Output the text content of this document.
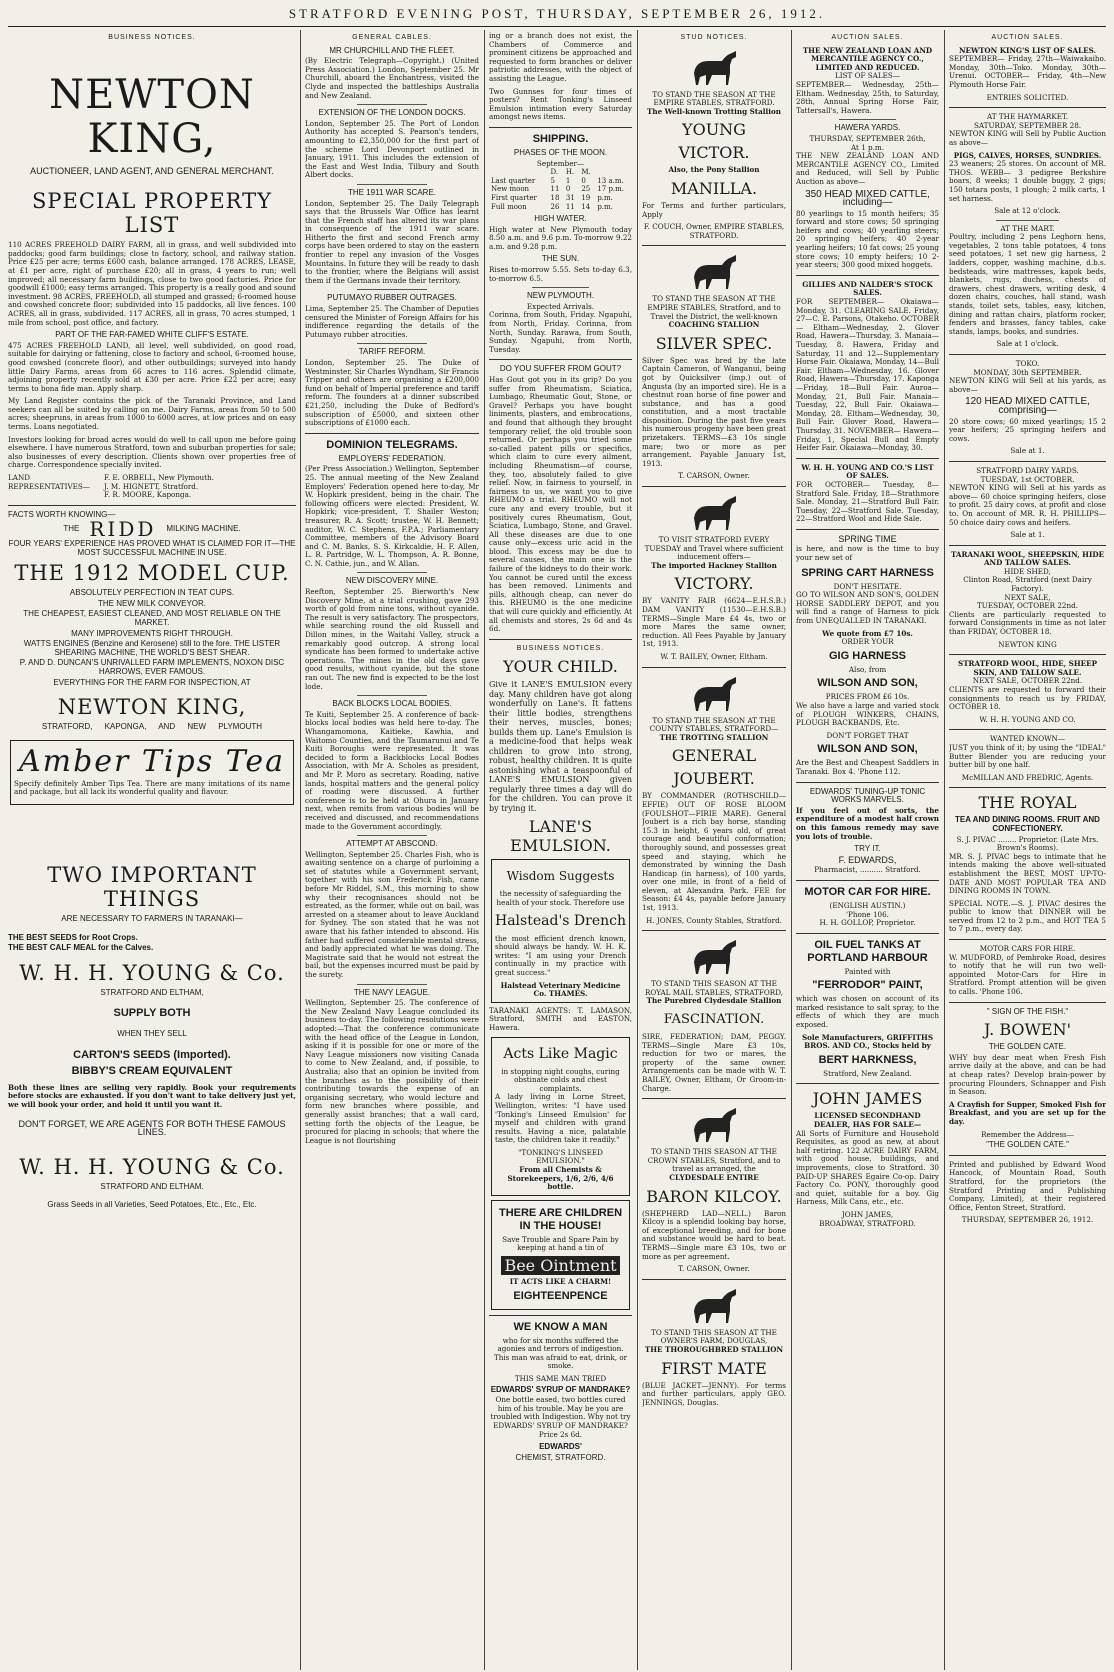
STRATFORD EVENING POST, THURSDAY, SEPTEMBER 26, 1912.
BUSINESS NOTICES.
NEWTON KING,
AUCTIONEER, LAND AGENT, AND GENERAL MERCHANT.
SPECIAL PROPERTY LIST

110 ACRES FREEHOLD DAIRY FARM, all in grass, and well subdivided into paddocks; good farm buildings; close to factory, school, and railway station. Price £25 per acre; terms £600 cash, balance arranged. 178 ACRES, LEASE, at £1 per acre, right of purchase £20; all in grass, 4 years to run; well improved; all necessary farm buildings, close to two good factories. Price for goodwill £1000; easy terms arranged. This property is a really good and sound investment. 98 ACRES, FREEHOLD, all stumped and grassed; 6-roomed house and cowshed concrete floor; subdivided into 15 paddocks, all live fences. 100 ACRES, all in grass, subdivided. 117 ACRES, all in grass, 70 acres stumped, 1 mile from school, post office, and factory.

PART OF THE FAR-FAMED WHITE CLIFF'S ESTATE.

475 ACRES FREEHOLD LAND, all level, well subdivided, on good road, suitable for dairying or fattening, close to factory and school, 6-roomed house, good cowshed (concrete floor), and other outbuildings; surveyed into handy little Dairy Farms, areas from 66 acres to 116 acres. Splendid climate, adjoining property recently sold at £30 per acre. Price £22 per acre; easy terms to bona fide man. Apply sharp.

My Land Register contains the pick of the Taranaki Province, and Land seekers can all be suited by calling on me. Dairy Farms, areas from 50 to 500 acres; sheepruns, in areas from 1000 to 6000 acres, at low prices and on easy terms. Loans negotiated.

Investors looking for broad acres would do well to call upon me before going elsewhere. I have numerous Stratford, town and suburban properties for sale; also businesses of every description. Clients shown over properties free of charge. Correspondence specially invited.

LAND REPRESENTATIVES—
F. E. ORBELL, New Plymouth.
J. M. HIGNETT, Stratford.
F. R. MOORE, Kaponga.
FACTS WORTH KNOWING—
THE RIDD MILKING MACHINE.
FOUR YEARS' EXPERIENCE HAS PROVED WHAT IS CLAIMED FOR IT—THE MOST SUCCESSFUL MACHINE IN USE.
THE 1912 MODEL CUP.
ABSOLUTELY PERFECTION IN TEAT CUPS.
THE NEW MILK CONVEYOR.
THE CHEAPEST, EASIEST CLEANED, AND MOST RELIABLE ON THE MARKET.
MANY IMPROVEMENTS RIGHT THROUGH.
WATTS ENGINES (Benzine and Kerosene) still to the fore. THE LISTER SHEARING MACHINE, THE WORLD'S BEST SHEAR.
P. AND D. DUNCAN'S UNRIVALLED FARM IMPLEMENTS, NOXON DISC HARROWS, EVER FAMOUS.
EVERYTHING FOR THE FARM FOR INSPECTION, AT
NEWTON KING,
STRATFORD, KAPONGA, AND NEW PLYMOUTH
Amber Tips Tea
Specify definitely Amber Tips Tea. There are many imitations of its name and package, but all lack its wonderful quality and flavour.
TWO IMPORTANT THINGS
ARE NECESSARY TO FARMERS IN TARANAKI—
THE BEST SEEDS for Root Crops.
THE BEST CALF MEAL for the Calves.
W. H. H. YOUNG & Co.
STRATFORD AND ELTHAM,
SUPPLY BOTH
WHEN THEY SELL
CARTON'S SEEDS (Imported).
BIBBY'S CREAM EQUIVALENT

Both these lines are selling very rapidly. Book your requirements before stocks are exhausted. If you don't want to take delivery just yet, we will book your order, and hold it until you want it.

DON'T FORGET, WE ARE AGENTS FOR BOTH THESE FAMOUS LINES.
W. H. H. YOUNG & Co.
STRATFORD AND ELTHAM.
Grass Seeds in all Varieties, Seed Potatoes, Etc., Etc., Etc.
GENERAL CABLES.
MR CHURCHILL AND THE FLEET.

(By Electric Telegraph—Copyright.) (United Press Association.) London, September 25. Mr Churchill, aboard the Enchantress, visited the Clyde and inspected the battleships Australia and New Zealand.

EXTENSION OF THE LONDON DOCKS.

London, September 25. The Port of London Authority has accepted S. Pearson's tenders, amounting to £2,350,000 for the first part of the scheme Lord Devonport outlined in January, 1911. This includes the extension of the East and West India, Tilbury and South Albert docks.

THE 1911 WAR SCARE.

London, September 25. The Daily Telegraph says that the Brussels War Office has learnt that the French staff has altered its war plans in consequence of the 1911 war scare. Hitherto the first and second French army corps have been ordered to stay on the eastern frontier to repel any invasion of the Vosges Mountains. In future they will be ready to dash to the frontier, where the Belgians will assist them if the Germans invade their territory.

PUTUMAYO RUBBER OUTRAGES.

Lima, September 25. The Chamber of Deputies censured the Minister of Foreign Affairs for his indifference regarding the details of the Putumayo rubber atrocities.

TARIFF REFORM.

London, September 25. The Duke of Westminster, Sir Charles Wyndham, Sir Francis Tripper and others are organising a £200,000 fund on behalf of Imperial preference and tariff reform. The founders at a dinner subscribed £21,250, including the Duke of Bedford's subscription of £5000, and sixteen other subscriptions of £1000 each.

DOMINION TELEGRAMS.
EMPLOYERS' FEDERATION.

(Per Press Association.) Wellington, September 25. The annual meeting of the New Zealand Employers' Federation opened here to-day, Mr W. Hopkirk president, being in the chair. The following officers were elected: President, W. Hopkirk; vice-president, T. Shailer Weston; treasurer, R. A. Scott; trustee, W. H. Bennett; auditor, W. C. Stephens, F.P.A.; Parliamentary Committee, members of the Advisory Board and C. M. Banks, S. S. Kirkcaldie, H. F. Allen, L. R. Partridge, W. L. Thompson, A. R. Bonne, C. N. Cathie, jun., and W. Allan.

NEW DISCOVERY MINE.

Reefton, September 25. Bierworth's New Discovery Mine, at a trial crushing, gave 293 worth of gold from nine tons, without cyanide. The result is very satisfactory. The prospectors, while searching round the old Russell and Dillon mines, in the Waitahi Valley, struck a remarkably good outcrop. A strong local syndicate has been formed to undertake active operations. The mines in the old days gave good results, without cyanide, but the stone ran out. The new find is expected to be the lost lode.

BACK BLOCKS LOCAL BODIES.

Te Kuiti, September 25. A conference of back-blocks local bodies was held here to-day. The Whangamomona, Kaitieke, Kawhia, and Waitomo Counties, and the Taumarunui and Te Kuiti Boroughs were represented. It was decided to form a Backblocks Local Bodies Association, with Mr A. Scholes as president, and Mr P. Moro as secretary. Roading, native lands, hospital matters and the general policy of roading were discussed. A further conference is to be held at Ohura in January next, when remits from various bodies will be received and discussed, and recommendations made to the Government accordingly.

ATTEMPT AT ABSCOND.

Wellington, September 25. Charles Fish, who is awaiting sentence on a charge of purloining a set of statutes while a Government servant, together with his son Frederick Fish, came before Mr Riddel, S.M., this morning to show why their recognisances should not be estreated, as the former, while out on bail, was arrested on a steamer about to leave Auckland for Sydney. The son stated that he was not aware that his father intended to abscond. His father had suffered considerable mental stress, and badly appreciated what he was doing. The Magistrate said that he would not estreat the bail, but the expenses incurred must be paid by the surety.

THE NAVY LEAGUE.

Wellington, September 25. The conference of the New Zealand Navy League concluded its business to-day. The following resolutions were adopted:—That the conference communicate with the head office of the League in London, asking if it is possible for one or more of the Navy League missioners now visiting Canada to come to New Zealand, and, if possible, to Australia; also that an opinion be invited from the branches as to the possibility of their contributing towards the expense of an organising secretary, who would lecture and form new branches where possible, and generally assist branches; that a wall card, setting forth the objects of the League, be procured for placing in schools; that where the League is not flourishing

ing or a branch does not exist, the Chambers of Commerce and prominent citizens be approached and requested to form branches or deliver patriotic addresses, with the object of assisting the League.

Two Gunnses for four times of posters? Rent Tonking's Linseed Emulsion intimation every Saturday amongst news items.

SHIPPING.
PHASES OF THE MOON.
September—
	D.	H.	M.	
Last quarter	5	1	0	13 a.m.
New moon	11	0	25	17 p.m.
First quarter	18	31	19	p.m.
Full moon	26	11	14	p.m.
HIGH WATER.

High water at New Plymouth today 8.50 a.m. and 9.6 p.m. To-morrow 9.22 a.m. and 9.28 p.m.

THE SUN.

Rises to-morrow 5.55. Sets to-day 6.3, to-morrow 6.5.

NEW PLYMOUTH.
Expected Arrivals.

Corinna, from South, Friday. Ngapuhi, from North, Friday. Corinna, from North, Sunday. Rarawa, from South, Sunday. Ngapuhi, from North, Tuesday.

DO YOU SUFFER FROM GOUT?

Has Gout got you in its grip? Do you suffer from Rheumatism, Sciatica, Lumbago, Rheumatic Gout, Stone, or Gravel? Perhaps you have bought liniments, plasters, and embrocations, and found that although they brought temporary relief, the old trouble soon returned. Or perhaps you tried some so-called patent pills or specifics, which claim to cure every ailment, including Rheumatism—of course, they, too, absolutely failed to give relief. Now, in fairness to yourself, in fairness to us, we want you to give RHEUMO a trial. RHEUMO will not cure any and every trouble, but it positively cures Rheumatism, Gout, Sciatica, Lumbago, Stone, and Gravel. All these diseases are due to one cause only—excess uric acid in the blood. This excess may be due to several causes, the main one is the failure of the kidneys to do their work. You cannot be cured until the excess has been removed. Liniments and pills, although cheap, can never do this. RHEUMO is the one medicine that will cure quickly and efficiently. At all chemists and stores, 2s 6d and 4s 6d.

BUSINESS NOTICES.
YOUR CHILD.

Give it LANE'S EMULSION every day. Many children have got along wonderfully on Lane's. It fattens their little bodies, strengthens their nerves, muscles, bones; builds them up. Lane's Emulsion is a medicine-food that helps weak children to grow into strong, robust, healthy children. It is quite astonishing what a teaspoonful of LANE'S EMULSION given regularly three times a day will do for the children. You can prove it by trying it.

LANE'S EMULSION.
Wisdom Suggests
the necessity of safeguarding the health of your stock. Therefore use
Halstead's Drench

the most efficient drench known, should always be handy. W. H. K. writes: "I am using your Drench continually in my practice with great success."

Halstead Veterinary Medicine Co. THAMES.

TARANAKI AGENTS: T. LAMASON, Stratford, SMITH and EASTON, Hawera.

Acts Like Magic
in stopping night coughs, curing obstinate colds and chest complaints.

A lady living in Lorne Street, Wellington, writes: "I have used 'Tonking's Linseed Emulsion' for myself and children with grand results. Having a nice, palatable taste, the children take it readily."

"TONKING'S LINSEED EMULSION."
From all Chemists & Storekeepers, 1/6, 2/6, 4/6 bottle.
THERE ARE CHILDREN IN THE HOUSE!
Save Trouble and Spare Pain by keeping at hand a tin of
Bee Ointment
IT ACTS LIKE A CHARM!
EIGHTEENPENCE
WE KNOW A MAN

who for six months suffered the agonies and terrors of indigestion. This man was afraid to eat, drink, or smoke.

THIS SAME MAN TRIED
EDWARDS' SYRUP OF MANDRAKE?

One bottle eased, two bottles cured him of his trouble. May be you are troubled with Indigestion. Why not try EDWARDS' SYRUP OF MANDRAKE? Price 2s 6d.

EDWARDS'
CHEMIST, STRATFORD.
STUD NOTICES.
TO STAND THE SEASON AT THE EMPIRE STABLES, STRATFORD.
The Well-known Trotting Stallion
YOUNG
VICTOR.
Also, the Pony Stallion
MANILLA.

For Terms and further particulars, Apply

F. COUCH, Owner, EMPIRE STABLES, STRATFORD.
TO STAND THE SEASON AT THE EMPIRE STABLES, Stratford, and to Travel the District, the well-known
COACHING STALLION
SILVER SPEC.

Silver Spec was bred by the late Captain Cameron, of Wanganui, being got by Quicksilver (imp.) out of Angusta (by an imported sire). He is a chestnut roan horse of fine power and substance, and has a good constitution, and a most tractable disposition. During the past five years his numerous progeny have been great prizetakers. TERMS—£3 10s single mare; two or more as per arrangement. Payable January 1st, 1913.

T. CARSON, Owner.
TO VISIT STRATFORD EVERY TUESDAY and Travel where sufficient inducement offers—
The imported Hackney Stallion
VICTORY.

BY VANITY FAIR (6624—E.H.S.B.) DAM VANITY (11530—E.H.S.B.) TERMS—Single Mare £4 4s, two or more Mares the same owner, reduction. All Fees Payable by January 1st, 1913.

W. T. BAILEY, Owner, Eltham.
TO STAND THE SEASON AT THE COUNTY STABLES, STRATFORD—
THE TROTTING STALLION
GENERAL
JOUBERT.

BY COMMANDER (ROTHSCHILD—EFFIE) OUT OF ROSE BLOOM (FOULSHOT—FIRIE MARE). General Joubert is a rich bay horse, standing 15.3 in height, 6 years old, of great courage and beautiful conformation; thoroughly sound, and possesses great speed and staying, which he demonstrated by winning the Dash Handicap (in harness), of 100 yards, over one mile, in front of a field of eleven, at Alexandra Park. FEE for Season: £4 4s, payable before January 1st, 1913.

H. JONES, County Stables, Stratford.
TO STAND THIS SEASON AT THE ROYAL MAIL STABLES, STRATFORD,
The Purebred Clydesdale Stallion
FASCINATION.

SIRE, FEDERATION; DAM, PEGGY. TERMS—Single Mare £3 10s, reduction for two or mares, the property of the same owner. Arrangements can be made with W. T. BAILEY, Owner, Eltham, Or Groom-in-Charge.

TO STAND THIS SEASON AT THE CROWN STABLES, Stratford, and to travel as arranged, the
CLYDESDALE ENTIRE
BARON KILCOY.

(SHEPHERD LAD—NELL.) Baron Kilcoy is a splendid looking bay horse, of exceptional breeding, and for bone and substance would be hard to beat. TERMS—Single mare £3 10s, two or more as per agreement.

T. CARSON, Owner.
TO STAND THIS SEASON AT THE OWNER'S FARM, DOUGLAS,
THE THOROUGHBRED STALLION
FIRST MATE

(BLUE JACKET—JENNY). For terms and further particulars, apply GEO. JENNINGS, Douglas.

AUCTION SALES.
THE NEW ZEALAND LOAN AND MERCANTILE AGENCY CO., LIMITED AND REDUCED.
LIST OF SALES—

SEPTEMBER— Wednesday, 25th—Eltham. Wednesday, 25th, to Saturday, 28th, Annual Spring Horse Fair, Tattersall's, Hawera.

HAWERA YARDS.
THURSDAY, SEPTEMBER 26th,
At 1 p.m.

THE NEW ZEALAND LOAN AND MERCANTILE AGENCY CO., Limited and Reduced, will Sell by Public Auction as above—

350 HEAD MIXED CATTLE, including—

80 yearlings to 15 month heifers; 35 forward and store cows; 50 springing heifers and cows; 40 yearling steers; 20 springing heifers; 40 2-year yearling heifers; 10 fat cows; 25 young store cows; 10 empty heifers; 10 2-year steers; 300 good mixed hoggets.

GILLIES AND NALDER'S STOCK SALES.

FOR SEPTEMBER— Okaiawa—Monday, 31. CLEARING SALE. Friday, 27—C. E. Parsons, Otakeho. OCTOBER— Eltham—Wednesday, 2. Glover Road, Hawera—Thursday, 3. Manaia—Tuesday, 8. Hawera, Friday and Saturday, 11 and 12—Supplementary Horse Fair. Okaiawa, Monday, 14—Bull Fair. Eltham—Wednesday, 16. Glover Road, Hawera—Thursday, 17. Kaponga—Friday, 18—Bull Fair. Auroa—Monday, 21, Bull Fair. Manaia—Tuesday, 22, Bull Fair. Okaiawa—Monday, 28. Eltham—Wednesday, 30, Bull Fair. Glover Road, Hawera—Thursday, 31. NOVEMBER— Hawera—Friday, 1, Special Bull and Empty Heifer Fair. Okaiawa—Monday, 30.

W. H. H. YOUNG AND CO.'S LIST OF SALES.

FOR OCTOBER— Tuesday, 8—Stratford Sale. Friday, 18—Strathmore Sale. Monday, 21—Stratford Bull Fair. Tuesday, 22—Stratford Sale. Tuesday, 22—Stratford Wool and Hide Sale.

SPRING TIME

is here, and now is the time to buy your new set of

SPRING CART HARNESS
DON'T HESITATE.

GO TO WILSON AND SON'S, GOLDEN HORSE SADDLERY DEPOT, and you will find a range of Harness to pick from UNEQUALLED IN TARANAKI.

We quote from £7 10s.
ORDER YOUR
GIG HARNESS
Also, from
WILSON AND SON,
PRICES FROM £6 10s.

We also have a large and varied stock of PLOUGH WINKERS, CHAINS, PLOUGH BACKBANDS, Etc.

DON'T FORGET THAT
WILSON AND SON,

Are the Best and Cheapest Saddlers in Taranaki. Box 4. 'Phone 112.

EDWARDS' TUNING-UP TONIC WORKS MARVELS.

If you feel out of sorts, the expenditure of a modest half crown on this famous remedy may save you lots of trouble.

TRY IT.
F. EDWARDS,
Pharmacist, .......... Stratford.
MOTOR CAR FOR HIRE.
(ENGLISH AUSTIN.)
'Phone 106.
H. H. GOLLOP, Proprietor.
OIL FUEL TANKS AT PORTLAND HARBOUR
Painted with
"FERRODOR" PAINT,

which was chosen on account of its marked resistance to salt spray, to the effects of which they are much exposed.

Sole Manufacturers, GRIFFITHS BROS. AND CO., Stocks held by
BERT HARKNESS,
Stratford, New Zealand.
JOHN JAMES
LICENSED SECONDHAND DEALER, HAS FOR SALE—

All Sorts of Furniture and Household Requisites, as good as new, at about half retiring. 122 ACRE DAIRY FARM, with good house, buildings, and improvements, close to Stratford. 30 PAID-UP SHARES Egaire Co-op. Dairy Factory Co. PONY, thoroughly good and quiet, suitable for a boy. Gig Harness, Milk Cans, etc., etc.

JOHN JAMES,
BROADWAY, STRATFORD.
AUCTION SALES.
NEWTON KING'S LIST OF SALES.

SEPTEMBER— Friday, 27th—Waiwakaiho. Monday, 30th—Toko. Monday, 30th—Urenui. OCTOBER— Friday, 4th—New Plymouth Horse Fair.

ENTRIES SOLICITED.
AT THE HAYMARKET.
SATURDAY, SEPTEMBER 28.

NEWTON KING will Sell by Public Auction as above—

PIGS, CALVES, HORSES, SUNDRIES.

23 weaners; 25 stores. On account of MR. THOS. WEBB— 3 pedigree Berkshire boars, 8 weeks; 1 double buggy, 2 gigs; 150 totara posts, 1 plough; 2 milk carts, 1 set harness.

Sale at 12 o'clock.
AT THE MART.

Poultry, including 2 pens Leghorn hens, vegetables, 2 tons table potatoes, 4 tons seed potatoes, 1 set new gig harness, 2 ladders, copper, washing machine, d.b.s. bedsteads, wire mattresses, kapok beds, blankets, rugs, duchess, chests of drawers, chest drawers, writing desk, 4 dozen chairs, couches, hall stand, wash stands, toilet sets, tables, easy, kitchen, dining and rattan chairs, platform rocker, fenders and brasses, fancy tables, cake stands, lamps, books, and sundries.

Sale at 1 o'clock.
TOKO.
MONDAY, 30th SEPTEMBER.

NEWTON KING will Sell at his yards, as above—

120 HEAD MIXED CATTLE, comprising—

20 store cows; 60 mixed yearlings; 15 2 year heifers; 25 springing heifers and cows.

Sale at 1.
STRATFORD DAIRY YARDS.
TUESDAY, 1st OCTOBER.

NEWTON KING will Sell at his yards as above— 60 choice springing heifers, close to profit. 25 dairy cows, at profit and close to. On account of MR. R. H. PHILLIPS— 50 choice dairy cows and heifers.

Sale at 1.
TARANAKI WOOL, SHEEPSKIN, HIDE AND TALLOW SALES.
HIDE SHED,
Clinton Road, Stratford (next Dairy Factory).
NEXT SALE,
TUESDAY, OCTOBER 22nd.

Clients are particularly requested to forward Consignments in time as not later than FRIDAY, OCTOBER 18.

NEWTON KING
STRATFORD WOOL, HIDE, SHEEP SKIN, AND TALLOW SALE.
NEXT SALE, OCTOBER 22nd.

CLIENTS are requested to forward their consignments to reach us by FRIDAY, OCTOBER 18.

W. H. H. YOUNG AND CO.
WANTED KNOWN—

JUST you think of it; by using the "IDEAL" Butter Blender you are reducing your butter bill by one half.

McMILLAN AND FREDRIC, Agents.
THE ROYAL
TEA AND DINING ROOMS. FRUIT AND CONFECTIONERY.
S. J. PIVAC ........ Proprietor. (Late Mrs. Brown's Rooms).

MR. S. J. PIVAC begs to intimate that he intends making the above well-situated establishment the BEST, MOST UP-TO-DATE AND MOST POPULAR TEA AND DINING ROOMS IN TOWN.

SPECIAL NOTE.—S. J. PIVAC desires the public to know that DINNER will be served from 12 to 2 p.m., and HOT TEA 5 to 7 p.m., every day.

MOTOR CARS FOR HIRE.

W. MUDFORD, of Pembroke Road, desires to notify that he will run two well-appointed Motor-Cars for Hire in Stratford. Prompt attention will be given to calls. 'Phone 106.

" SIGN OF THE FISH."
J. BOWEN'
THE GOLDEN CATE.

WHY buy dear meat when Fresh Fish arrive daily at the above, and can be had at cheap rates? Develop brain-power by procuring Flounders, Schnapper and Fish in Season.

A Crayfish for Supper, Smoked Fish for Breakfast, and you are set up for the day.

Remember the Address—
"THE GOLDEN CATE."

Printed and published by Edward Wood Hancock, of Mountain Road, South Stratford, for the proprietors (the Stratford Printing and Publishing Company, Limited), at their registered Office, Fenton Street, Stratford.

THURSDAY, SEPTEMBER 26, 1912.
